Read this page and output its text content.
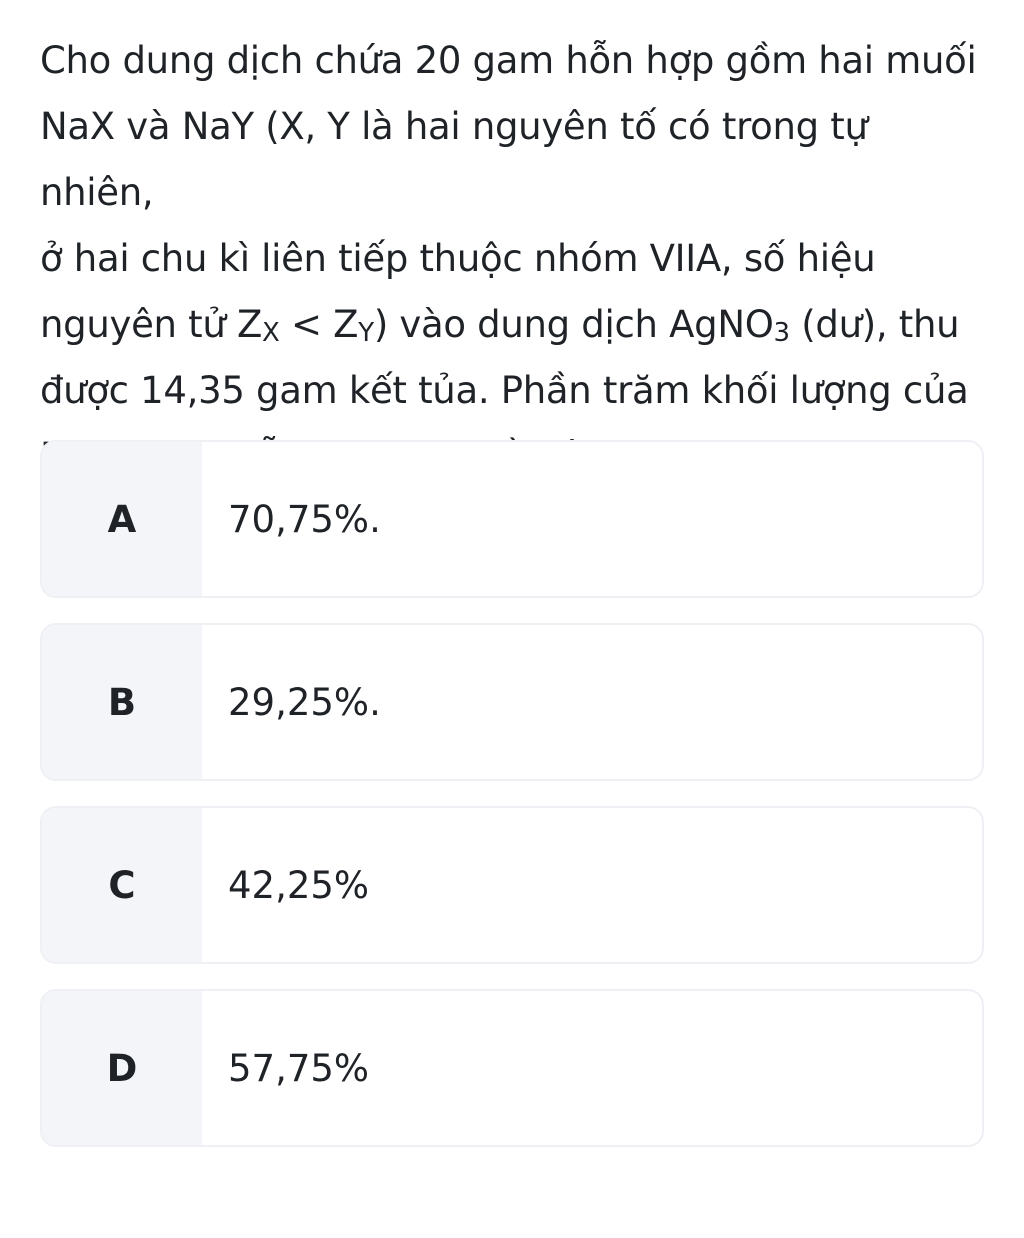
Cho dung dịch chứa 20 gam hỗn hợp gồm hai muối
NaX và NaY (X, Y là hai nguyên tố có trong tự nhiên,
ở hai chu kì liên tiếp thuộc nhóm VIIA, số hiệu
nguyên tử $Z_X < Z_Y$) vào dung dịch AgNO$_3$ (dư), thu
được 14,35 gam kết tủa. Phần trăm khối lượng của

A	70,75%.
B	29,25%.
C	42,25%
D	57,75%
